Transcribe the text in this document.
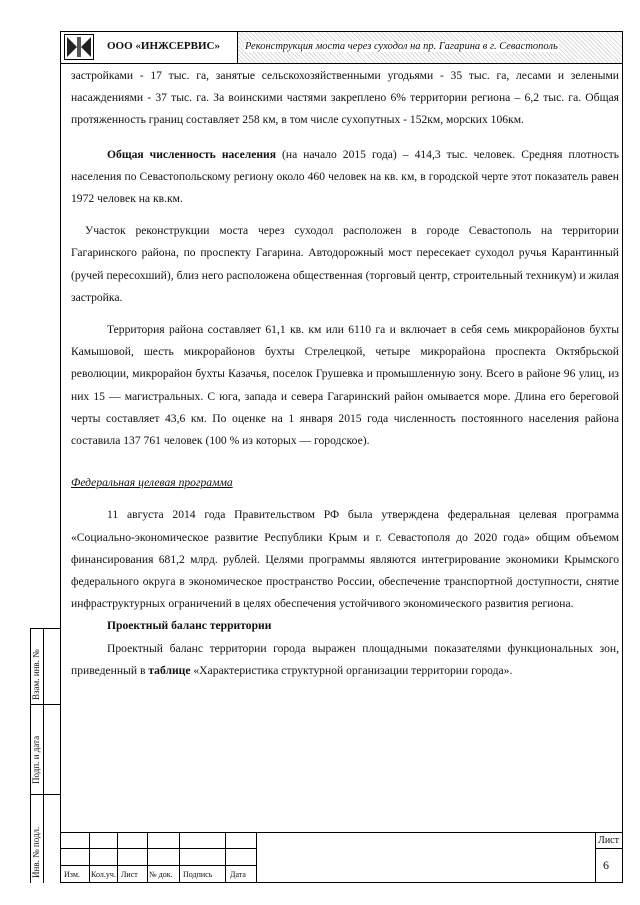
ООО «ИНЖСЕРВИС» Реконструкция моста через суходол на пр. Гагарина в г. Севастополь

застройками - 17 тыс. га, занятые сельскохозяйственными угодьями - 35 тыс. га, лесами и зелеными насаждениями - 37 тыс. га. За воинскими частями закреплено 6% территории региона – 6,2 тыс. га. Общая протяженность границ составляет 258 км, в том числе сухопутных - 152км, морских 106км.

Общая численность населения (на начало 2015 года) – 414,3 тыс. человек. Средняя плотность населения по Севастопольскому региону около 460 человек на кв. км, в городской черте этот показатель равен 1972 человек на кв.км.

Участок реконструкции моста через суходол расположен в городе Севастополь на территории Гагаринского района, по проспекту Гагарина. Автодорожный мост пересекает суходол ручья Карантинный (ручей пересохший), близ него расположена общественная (торговый центр, строительный техникум) и жилая застройка.

Территория района составляет 61,1 кв. км или 6110 га и включает в себя семь микрорайонов бухты Камышовой, шесть микрорайонов бухты Стрелецкой, четыре микрорайона проспекта Октябрьской революции, микрорайон бухты Казачья, поселок Грушевка и промышленную зону. Всего в районе 96 улиц, из них 15 — магистральных. С юга, запада и севера Гагаринский район омывается море. Длина его береговой черты составляет 43,6 км. По оценке на 1 января 2015 года численность постоянного населения района составила 137 761 человек (100 % из которых — городское).

Федеральная целевая программа

11 августа 2014 года Правительством РФ была утверждена федеральная целевая программа «Социально-экономическое развитие Республики Крым и г. Севастополя до 2020 года» общим объемом финансирования 681,2 млрд. рублей. Целями программы являются интегрирование экономики Крымского федерального округа в экономическое пространство России, обеспечение транспортной доступности, снятие инфраструктурных ограничений в целях обеспечения устойчивого экономического развития региона.

Проектный баланс территории

Проектный баланс территории города выражен площадными показателями функциональных зон, приведенный в таблице «Характеристика структурной организации территории города».

Изм. Кол.уч. Лист № док. Подпись Дата
Лист
6
Взам. инв. №
Подп. и дата
Инв. № подл.
